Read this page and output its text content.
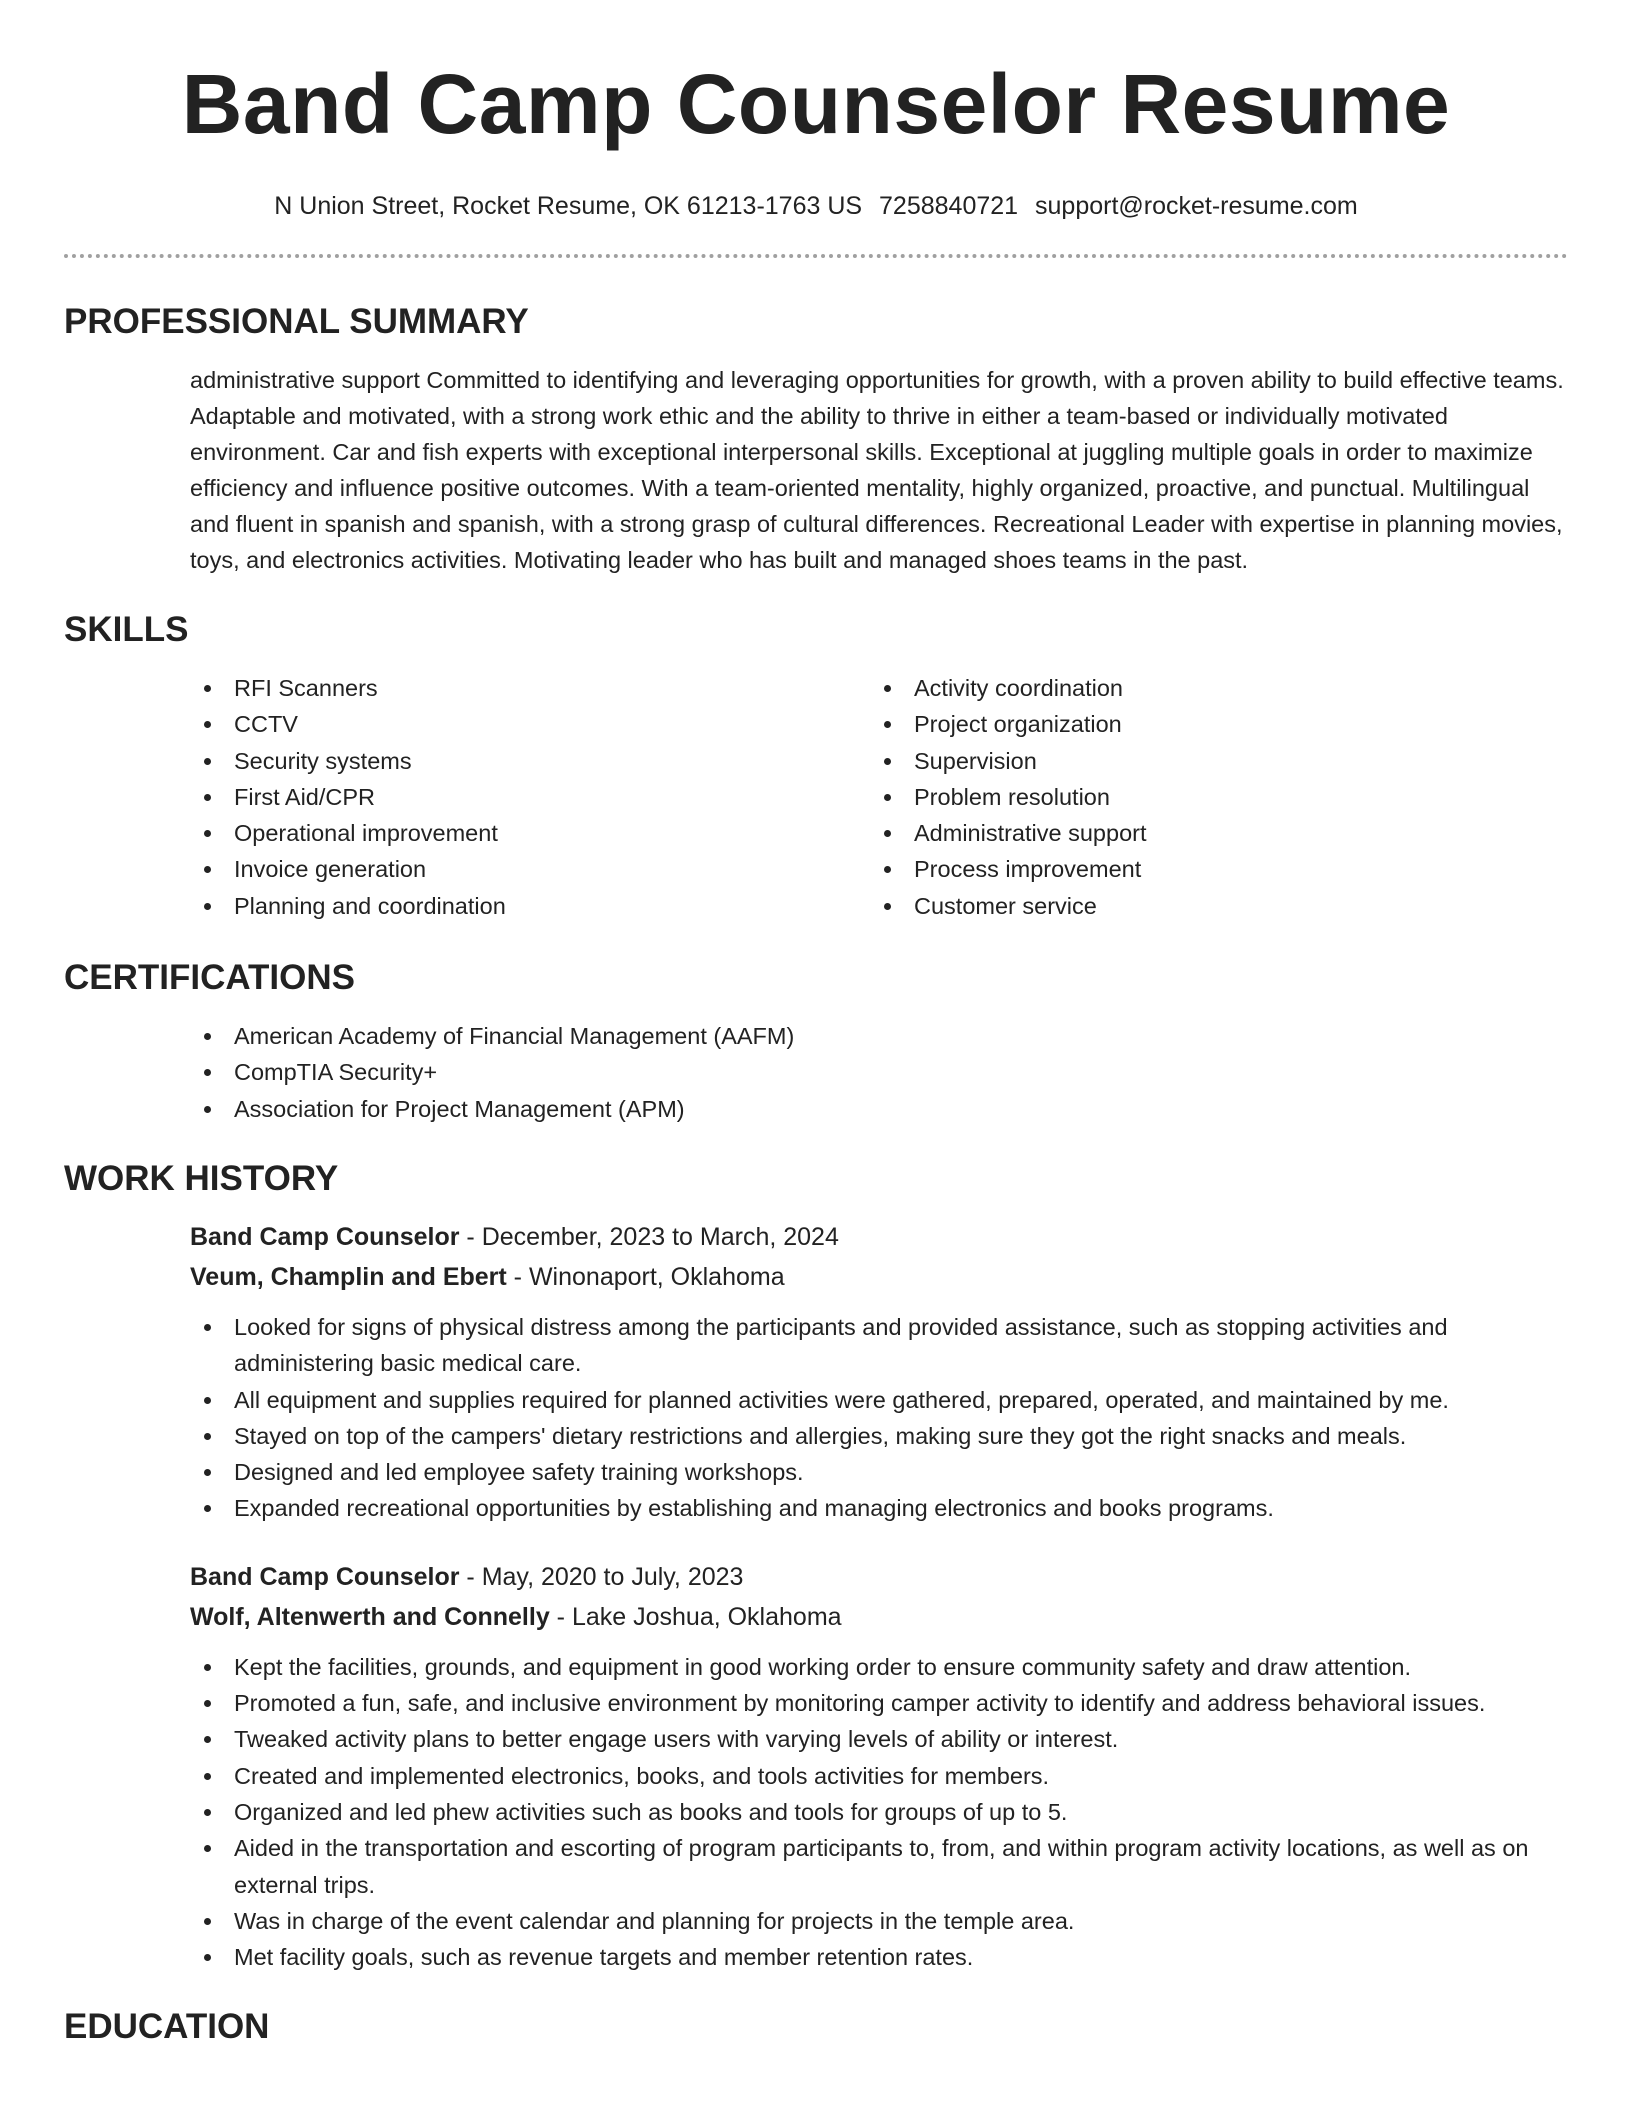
Band Camp Counselor Resume
N Union Street, Rocket Resume, OK 61213-1763 US 7258840721 support@rocket-resume.com
PROFESSIONAL SUMMARY

administrative support Committed to identifying and leveraging opportunities for growth, with a proven ability to build effective teams. Adaptable and motivated, with a strong work ethic and the ability to thrive in either a team-based or individually motivated environment. Car and fish experts with exceptional interpersonal skills. Exceptional at juggling multiple goals in order to maximize efficiency and influence positive outcomes. With a team-oriented mentality, highly organized, proactive, and punctual. Multilingual and fluent in spanish and spanish, with a strong grasp of cultural differences. Recreational Leader with expertise in planning movies, toys, and electronics activities. Motivating leader who has built and managed shoes teams in the past.

SKILLS
RFI Scanners
CCTV
Security systems
First Aid/CPR
Operational improvement
Invoice generation
Planning and coordination
Activity coordination
Project organization
Supervision
Problem resolution
Administrative support
Process improvement
Customer service
CERTIFICATIONS
American Academy of Financial Management (AAFM)
CompTIA Security+
Association for Project Management (APM)
WORK HISTORY
Band Camp Counselor - December, 2023 to March, 2024
Veum, Champlin and Ebert - Winonaport, Oklahoma
Looked for signs of physical distress among the participants and provided assistance, such as stopping activities and administering basic medical care.
All equipment and supplies required for planned activities were gathered, prepared, operated, and maintained by me.
Stayed on top of the campers' dietary restrictions and allergies, making sure they got the right snacks and meals.
Designed and led employee safety training workshops.
Expanded recreational opportunities by establishing and managing electronics and books programs.
Band Camp Counselor - May, 2020 to July, 2023
Wolf, Altenwerth and Connelly - Lake Joshua, Oklahoma
Kept the facilities, grounds, and equipment in good working order to ensure community safety and draw attention.
Promoted a fun, safe, and inclusive environment by monitoring camper activity to identify and address behavioral issues.
Tweaked activity plans to better engage users with varying levels of ability or interest.
Created and implemented electronics, books, and tools activities for members.
Organized and led phew activities such as books and tools for groups of up to 5.
Aided in the transportation and escorting of program participants to, from, and within program activity locations, as well as on external trips.
Was in charge of the event calendar and planning for projects in the temple area.
Met facility goals, such as revenue targets and member retention rates.
EDUCATION
